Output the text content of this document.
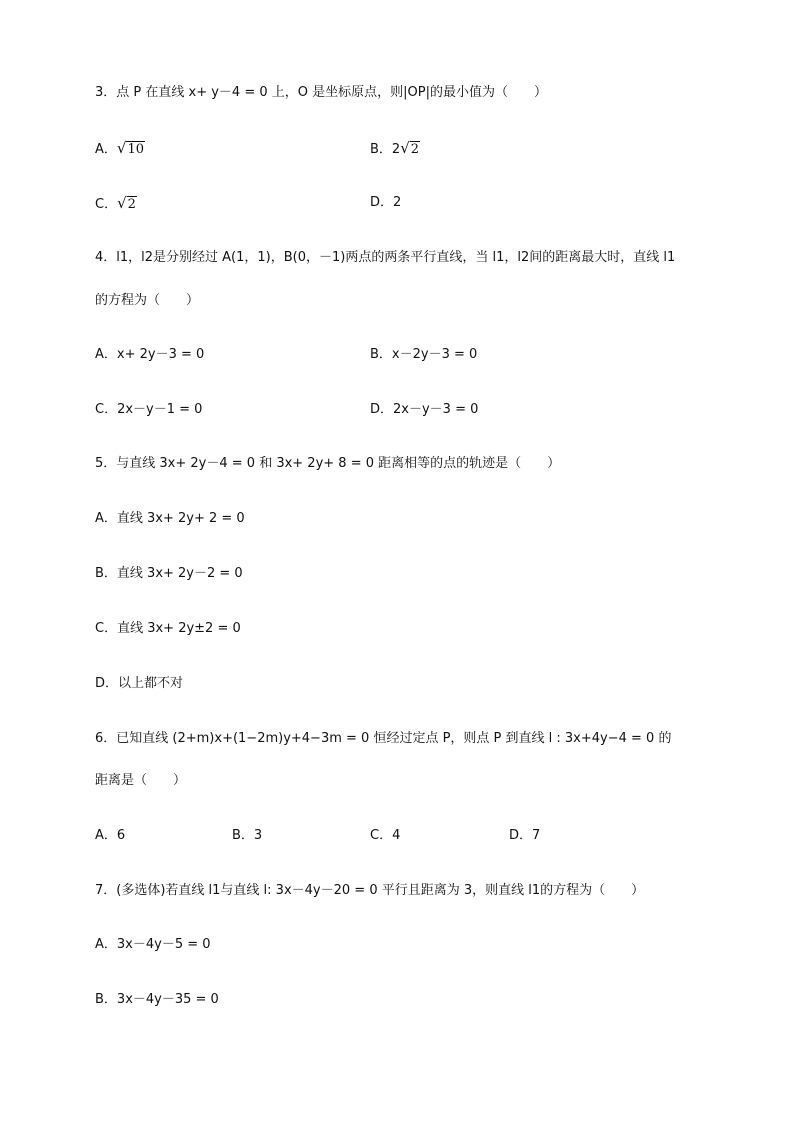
3．点 P 在直线 x+ y－4 = 0 上，O 是坐标原点，则|OP|的最小值为（　　）
A．√10	B．2√2
C．√2	D．2
4．l1，l2是分别经过 A(1，1)，B(0，－1)两点的两条平行直线，当 l1，l2间的距离最大时，直线 l1
的方程为（　　）
A．x+ 2y－3 = 0	B．x－2y－3 = 0
C．2x－y－1 = 0	D．2x－y－3 = 0
5．与直线 3x+ 2y－4 = 0 和 3x+ 2y+ 8 = 0 距离相等的点的轨迹是（　　）
A．直线 3x+ 2y+ 2 = 0
B．直线 3x+ 2y－2 = 0
C．直线 3x+ 2y±2 = 0
D．以上都不对
6．已知直线 (2+m)x+(1−2m)y+4−3m = 0 恒经过定点 P，则点 P 到直线 l : 3x+4y−4 = 0 的
距离是（　　）
A．6	B．3	C．4	D．7
7．(多选体)若直线 l1与直线 l: 3x－4y－20 = 0 平行且距离为 3，则直线 l1的方程为（　　）
A．3x－4y－5 = 0
B．3x－4y－35 = 0
